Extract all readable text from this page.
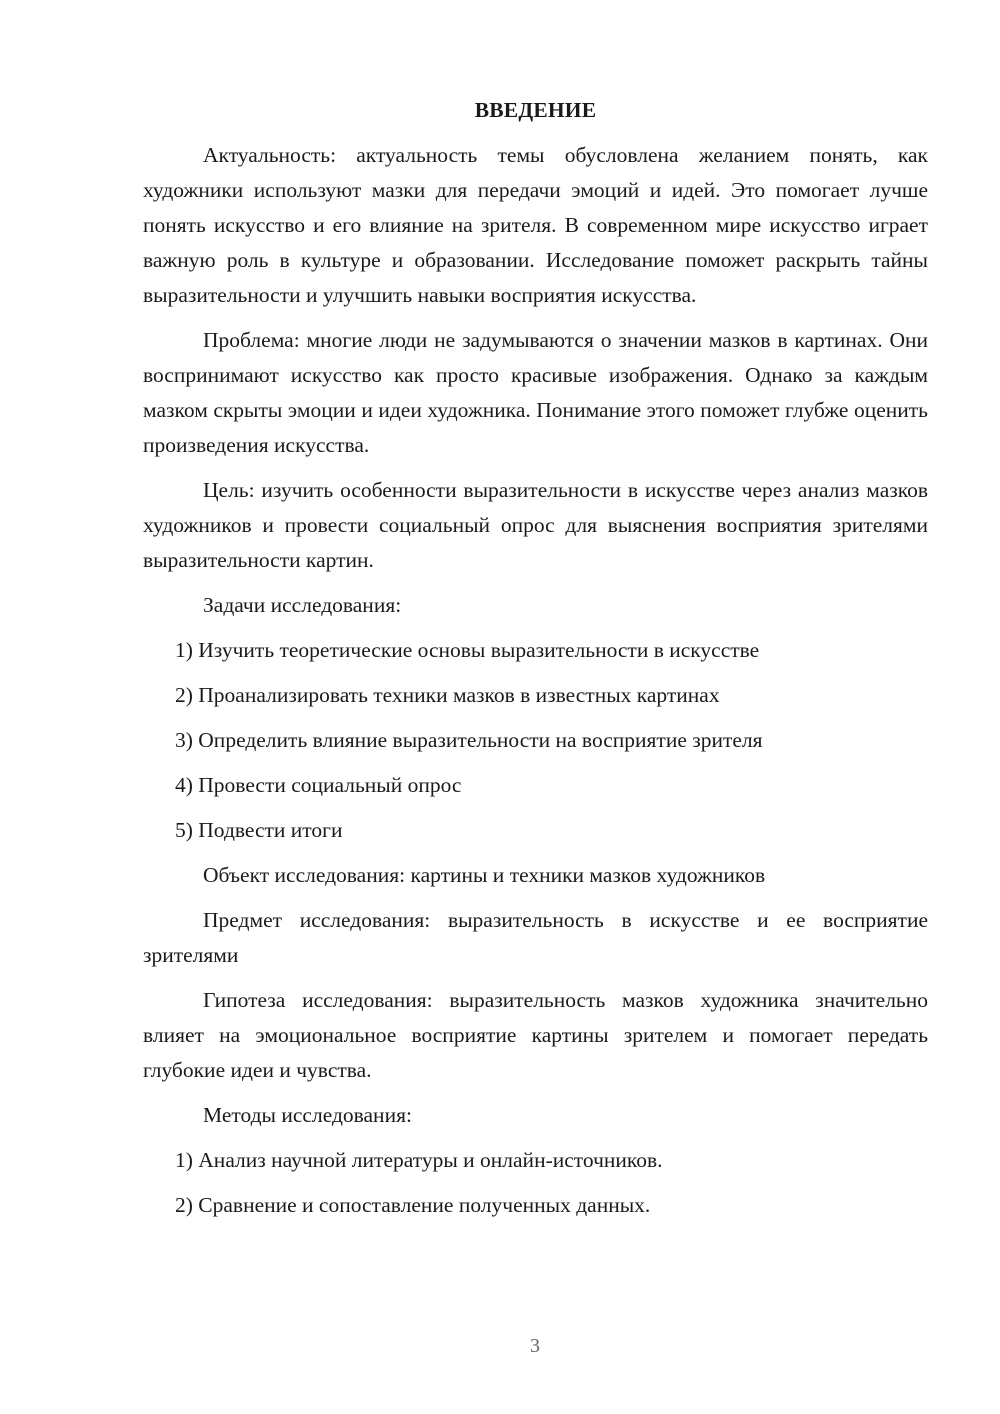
ВВЕДЕНИЕ

Актуальность: актуальность темы обусловлена желанием понять, как художники используют мазки для передачи эмоций и идей. Это помогает лучше понять искусство и его влияние на зрителя. В современном мире искусство играет важную роль в культуре и образовании. Исследование поможет раскрыть тайны выразительности и улучшить навыки восприятия искусства.

Проблема: многие люди не задумываются о значении мазков в картинах. Они воспринимают искусство как просто красивые изображения. Однако за каждым мазком скрыты эмоции и идеи художника. Понимание этого поможет глубже оценить произведения искусства.

Цель: изучить особенности выразительности в искусстве через анализ мазков художников и провести социальный опрос для выяснения восприятия зрителями выразительности картин.

Задачи исследования:

1) Изучить теоретические основы выразительности в искусстве
2) Проанализировать техники мазков в известных картинах
3) Определить влияние выразительности на восприятие зрителя
4) Провести социальный опрос
5) Подвести итоги

Объект исследования: картины и техники мазков художников

Предмет исследования: выразительность в искусстве и ее восприятие зрителями

Гипотеза исследования: выразительность мазков художника значительно влияет на эмоциональное восприятие картины зрителем и помогает передать глубокие идеи и чувства.

Методы исследования:

1) Анализ научной литературы и онлайн-источников.
2) Сравнение и сопоставление полученных данных.
3
